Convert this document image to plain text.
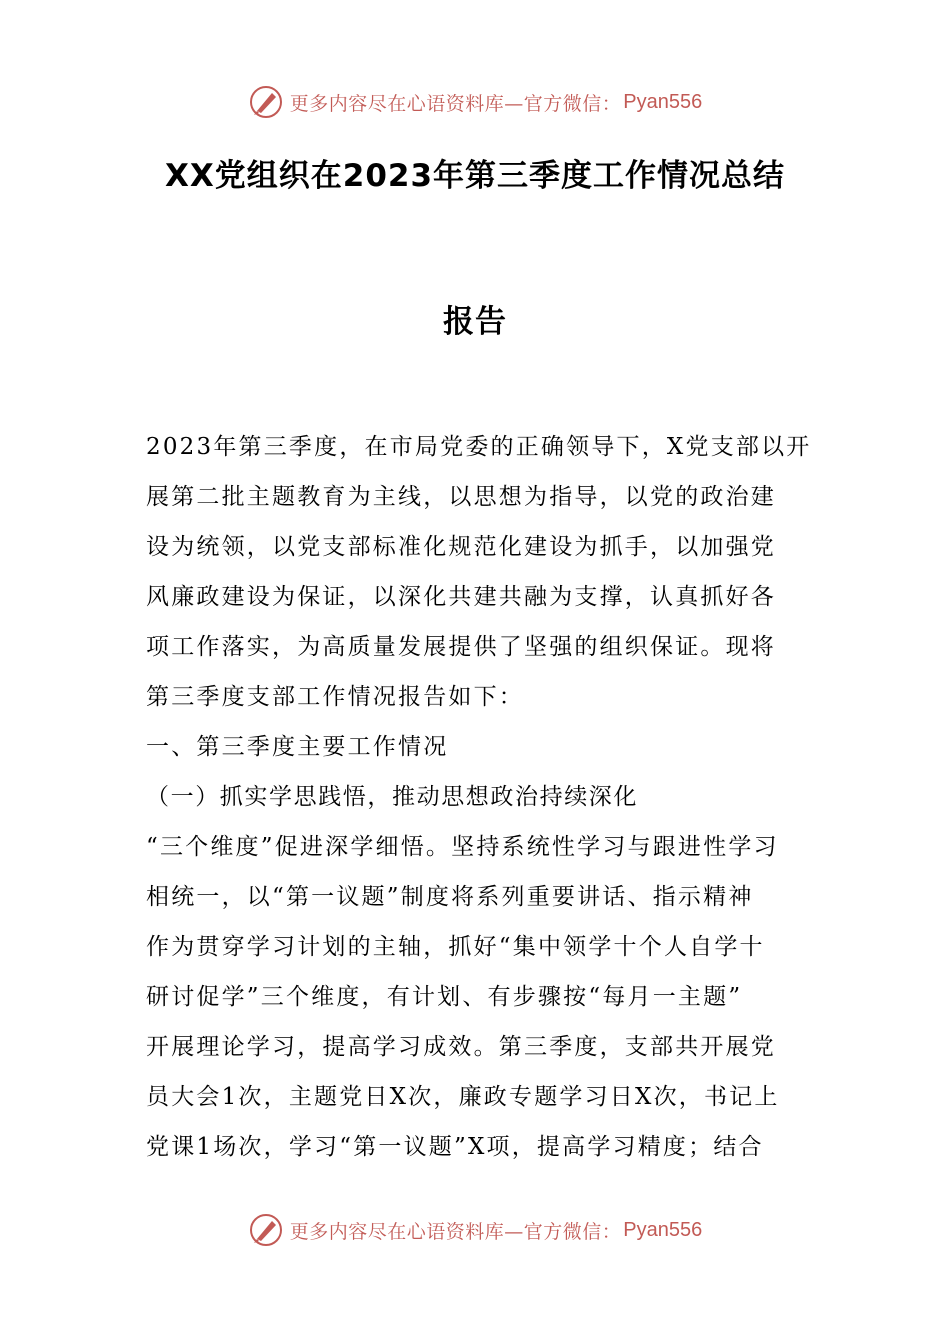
更多内容尽在心语资料库—官方微信： Pyan556
XX党组织在2023年第三季度工作情况总结
报告
2023年第三季度，在市局党委的正确领导下，X党支部以开
展第二批主题教育为主线，以思想为指导，以党的政治建
设为统领，以党支部标准化规范化建设为抓手，以加强党
风廉政建设为保证，以深化共建共融为支撑，认真抓好各
项工作落实，为高质量发展提供了坚强的组织保证。现将
第三季度支部工作情况报告如下：
一、第三季度主要工作情况
（一）抓实学思践悟，推动思想政治持续深化
“三个维度”促进深学细悟。坚持系统性学习与跟进性学习
相统一，以“第一议题”制度将系列重要讲话、指示精神
作为贯穿学习计划的主轴，抓好“集中领学十个人自学十
研讨促学”三个维度，有计划、有步骤按“每月一主题”
开展理论学习，提高学习成效。第三季度，支部共开展党
员大会1次，主题党日X次，廉政专题学习日X次，书记上
党课1场次，学习“第一议题”X项，提高学习精度；结合
更多内容尽在心语资料库—官方微信： Pyan556
